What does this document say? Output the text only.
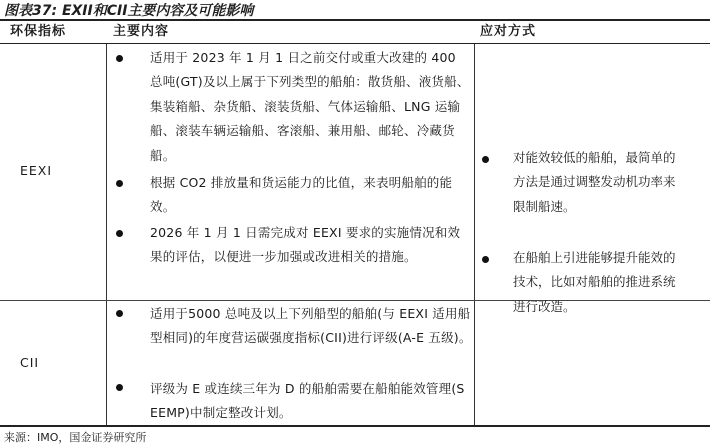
图表37: EXII和CII主要内容及可能影响
环保指标	主要内容	应对方式
EEXI
适用于 2023 年 1 月 1 日之前交付或重大改建的 400 总吨(GT)及以上属于下列类型的船舶：散货船、液货船、集装箱船、杂货船、滚装货船、气体运输船、LNG 运输船、滚装车辆运输船、客滚船、兼用船、邮轮、冷藏货船。
根据 CO2 排放量和货运能力的比值，来表明船舶的能效。
2026 年 1 月 1 日需完成对 EEXI 要求的实施情况和效果的评估，以便进一步加强或改进相关的措施。
CII
适用于5000 总吨及以上下列船型的船舶(与 EEXI 适用船型相同)的年度营运碳强度指标(CII)进行评级(A-E 五级)。
评级为 E 或连续三年为 D 的船舶需要在船舶能效管理(SEEMP)中制定整改计划。
对能效较低的船舶，最简单的方法是通过调整发动机功率来限制船速。
在船舶上引进能够提升能效的技术，比如对船舶的推进系统进行改造。
来源：IMO，国金证券研究所
